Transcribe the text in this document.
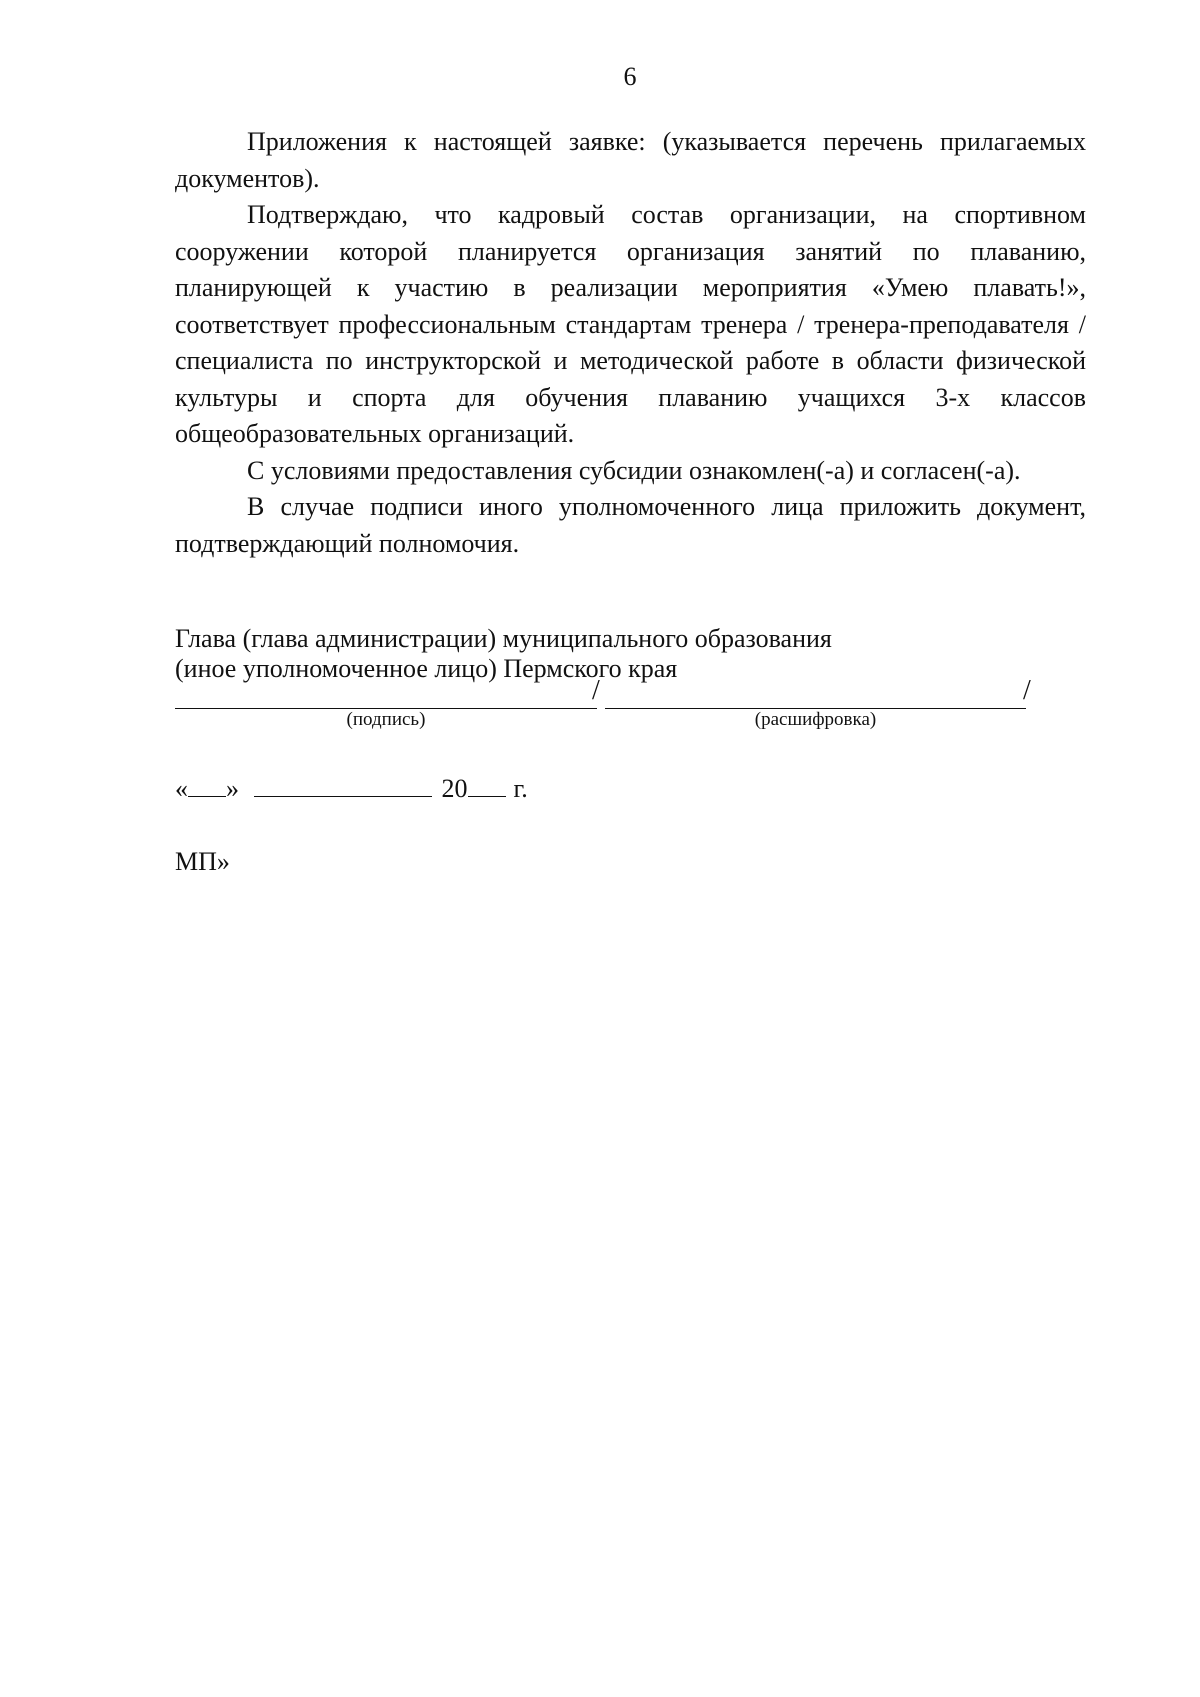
6

Приложения к настоящей заявке: (указывается перечень прилагаемых документов).

Подтверждаю, что кадровый состав организации, на спортивном сооружении которой планируется организация занятий по плаванию, планирующей к участию в реализации мероприятия «Умею плавать!», соответствует профессиональным стандартам тренера / тренера-преподавателя / специалиста по инструкторской и методической работе в области физической культуры и спорта для обучения плаванию учащихся 3-х классов общеобразовательных организаций.

С условиями предоставления субсидии ознакомлен(-а) и согласен(-а).

В случае подписи иного уполномоченного лица приложить документ, подтверждающий полномочия.

Глава (глава администрации) муниципального образования
(иное уполномоченное лицо) Пермского края
/	/
(подпись)	(расшифровка)
« »	20 г.
МП»
